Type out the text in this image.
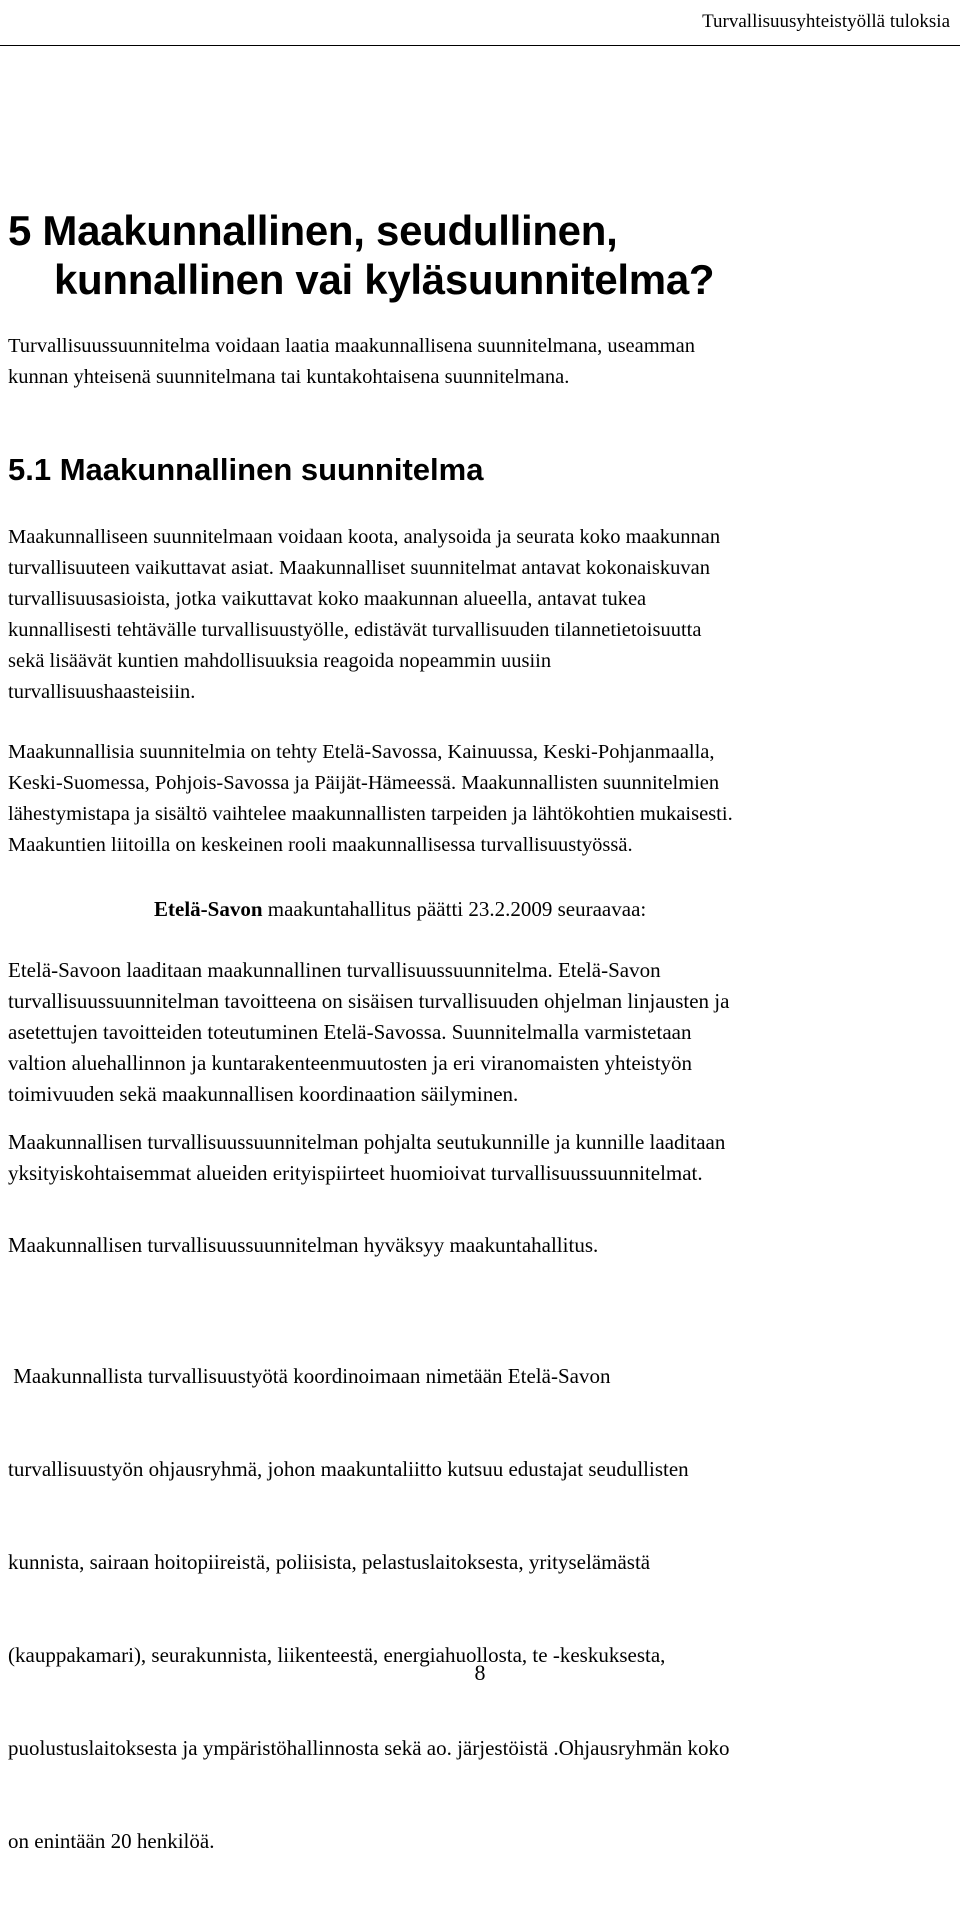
Turvallisuusyhteistyöllä tuloksia
5 Maakunnallinen, seudullinen,
kunnallinen vai kyläsuunnitelma?

Turvallisuussuunnitelma voidaan laatia maakunnallisena suunnitelmana, useamman
kunnan yhteisenä suunnitelmana tai kuntakohtaisena suunnitelmana.

5.1 Maakunnallinen suunnitelma

Maakunnalliseen suunnitelmaan voidaan koota, analysoida ja seurata koko maakunnan
turvallisuuteen vaikuttavat asiat. Maakunnalliset suunnitelmat antavat kokonaiskuvan
turvallisuusasioista, jotka vaikuttavat koko maakunnan alueella, antavat tukea
kunnallisesti tehtävälle turvallisuustyölle, edistävät turvallisuuden tilannetietoisuutta
sekä lisäävät kuntien mahdollisuuksia reagoida nopeammin uusiin
turvallisuushaasteisiin.

Maakunnallisia suunnitelmia on tehty Etelä-Savossa, Kainuussa, Keski-Pohjanmaalla,
Keski-Suomessa, Pohjois-Savossa ja Päijät-Hämeessä. Maakunnallisten suunnitelmien
lähestymistapa ja sisältö vaihtelee maakunnallisten tarpeiden ja lähtökohtien mukaisesti.
Maakuntien liitoilla on keskeinen rooli maakunnallisessa turvallisuustyössä.

Etelä-Savon maakuntahallitus päätti 23.2.2009 seuraavaa:

Etelä-Savoon laaditaan maakunnallinen turvallisuussuunnitelma. Etelä-Savon
turvallisuussuunnitelman tavoitteena on sisäisen turvallisuuden ohjelman linjausten ja
asetettujen tavoitteiden toteutuminen Etelä-Savossa. Suunnitelmalla varmistetaan
valtion aluehallinnon ja kuntarakenteenmuutosten ja eri viranomaisten yhteistyön
toimivuuden sekä maakunnallisen koordinaation säilyminen.

Maakunnallisen turvallisuussuunnitelman pohjalta seutukunnille ja kunnille laaditaan
yksityiskohtaisemmat alueiden erityispiirteet huomioivat turvallisuussuunnitelmat.

Maakunnallisen turvallisuussuunnitelman hyväksyy maakuntahallitus.

Maakunnallista turvallisuustyötä koordinoimaan nimetään Etelä-Savon

turvallisuustyön ohjausryhmä, johon maakuntaliitto kutsuu edustajat seudullisten

kunnista, sairaan hoitopiireistä, poliisista, pelastuslaitoksesta, yrityselämästä

(kauppakamari), seurakunnista, liikenteestä, energiahuollosta, te -keskuksesta,

puolustuslaitoksesta ja ympäristöhallinnosta sekä ao. järjestöistä .Ohjausryhmän koko

on enintään 20 henkilöä.

8
